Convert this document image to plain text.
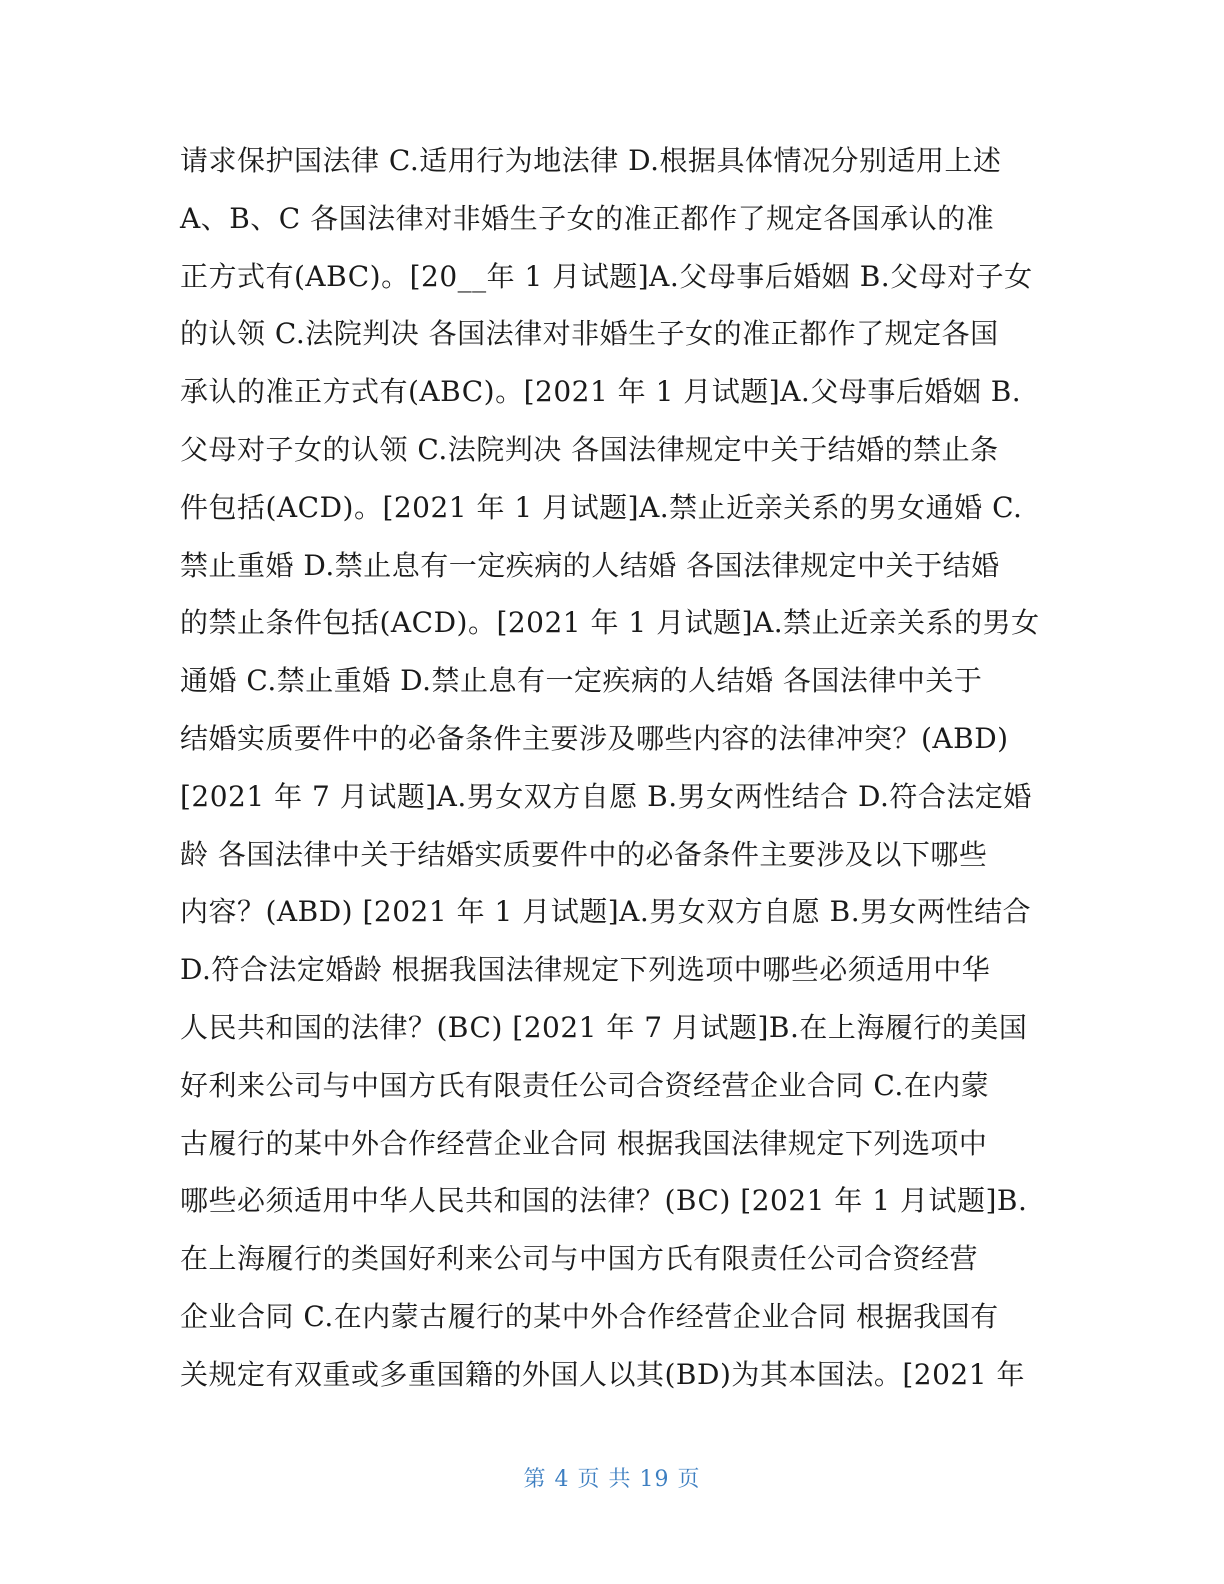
请求保护国法律 C.适用行为地法律 D.根据具体情况分别适用上述
A、B、C 各国法律对非婚生子女的准正都作了规定各国承认的准
正方式有(ABC)。[20__年 1 月试题]A.父母事后婚姻 B.父母对子女
的认领 C.法院判决 各国法律对非婚生子女的准正都作了规定各国
承认的准正方式有(ABC)。[2021 年 1 月试题]A.父母事后婚姻 B.
父母对子女的认领 C.法院判决 各国法律规定中关于结婚的禁止条
件包括(ACD)。[2021 年 1 月试题]A.禁止近亲关系的男女通婚 C.
禁止重婚 D.禁止息有一定疾病的人结婚 各国法律规定中关于结婚
的禁止条件包括(ACD)。[2021 年 1 月试题]A.禁止近亲关系的男女
通婚 C.禁止重婚 D.禁止息有一定疾病的人结婚 各国法律中关于
结婚实质要件中的必备条件主要涉及哪些内容的法律冲突？(ABD)
[2021 年 7 月试题]A.男女双方自愿 B.男女两性结合 D.符合法定婚
龄 各国法律中关于结婚实质要件中的必备条件主要涉及以下哪些
内容？(ABD) [2021 年 1 月试题]A.男女双方自愿 B.男女两性结合
D.符合法定婚龄 根据我国法律规定下列选项中哪些必须适用中华
人民共和国的法律？(BC) [2021 年 7 月试题]B.在上海履行的美国
好利来公司与中国方氏有限责任公司合资经营企业合同 C.在内蒙
古履行的某中外合作经营企业合同 根据我国法律规定下列选项中
哪些必须适用中华人民共和国的法律？(BC) [2021 年 1 月试题]B.
在上海履行的类国好利来公司与中国方氏有限责任公司合资经营
企业合同 C.在内蒙古履行的某中外合作经营企业合同 根据我国有
关规定有双重或多重国籍的外国人以其(BD)为其本国法。[2021 年
第 4 页 共 19 页
